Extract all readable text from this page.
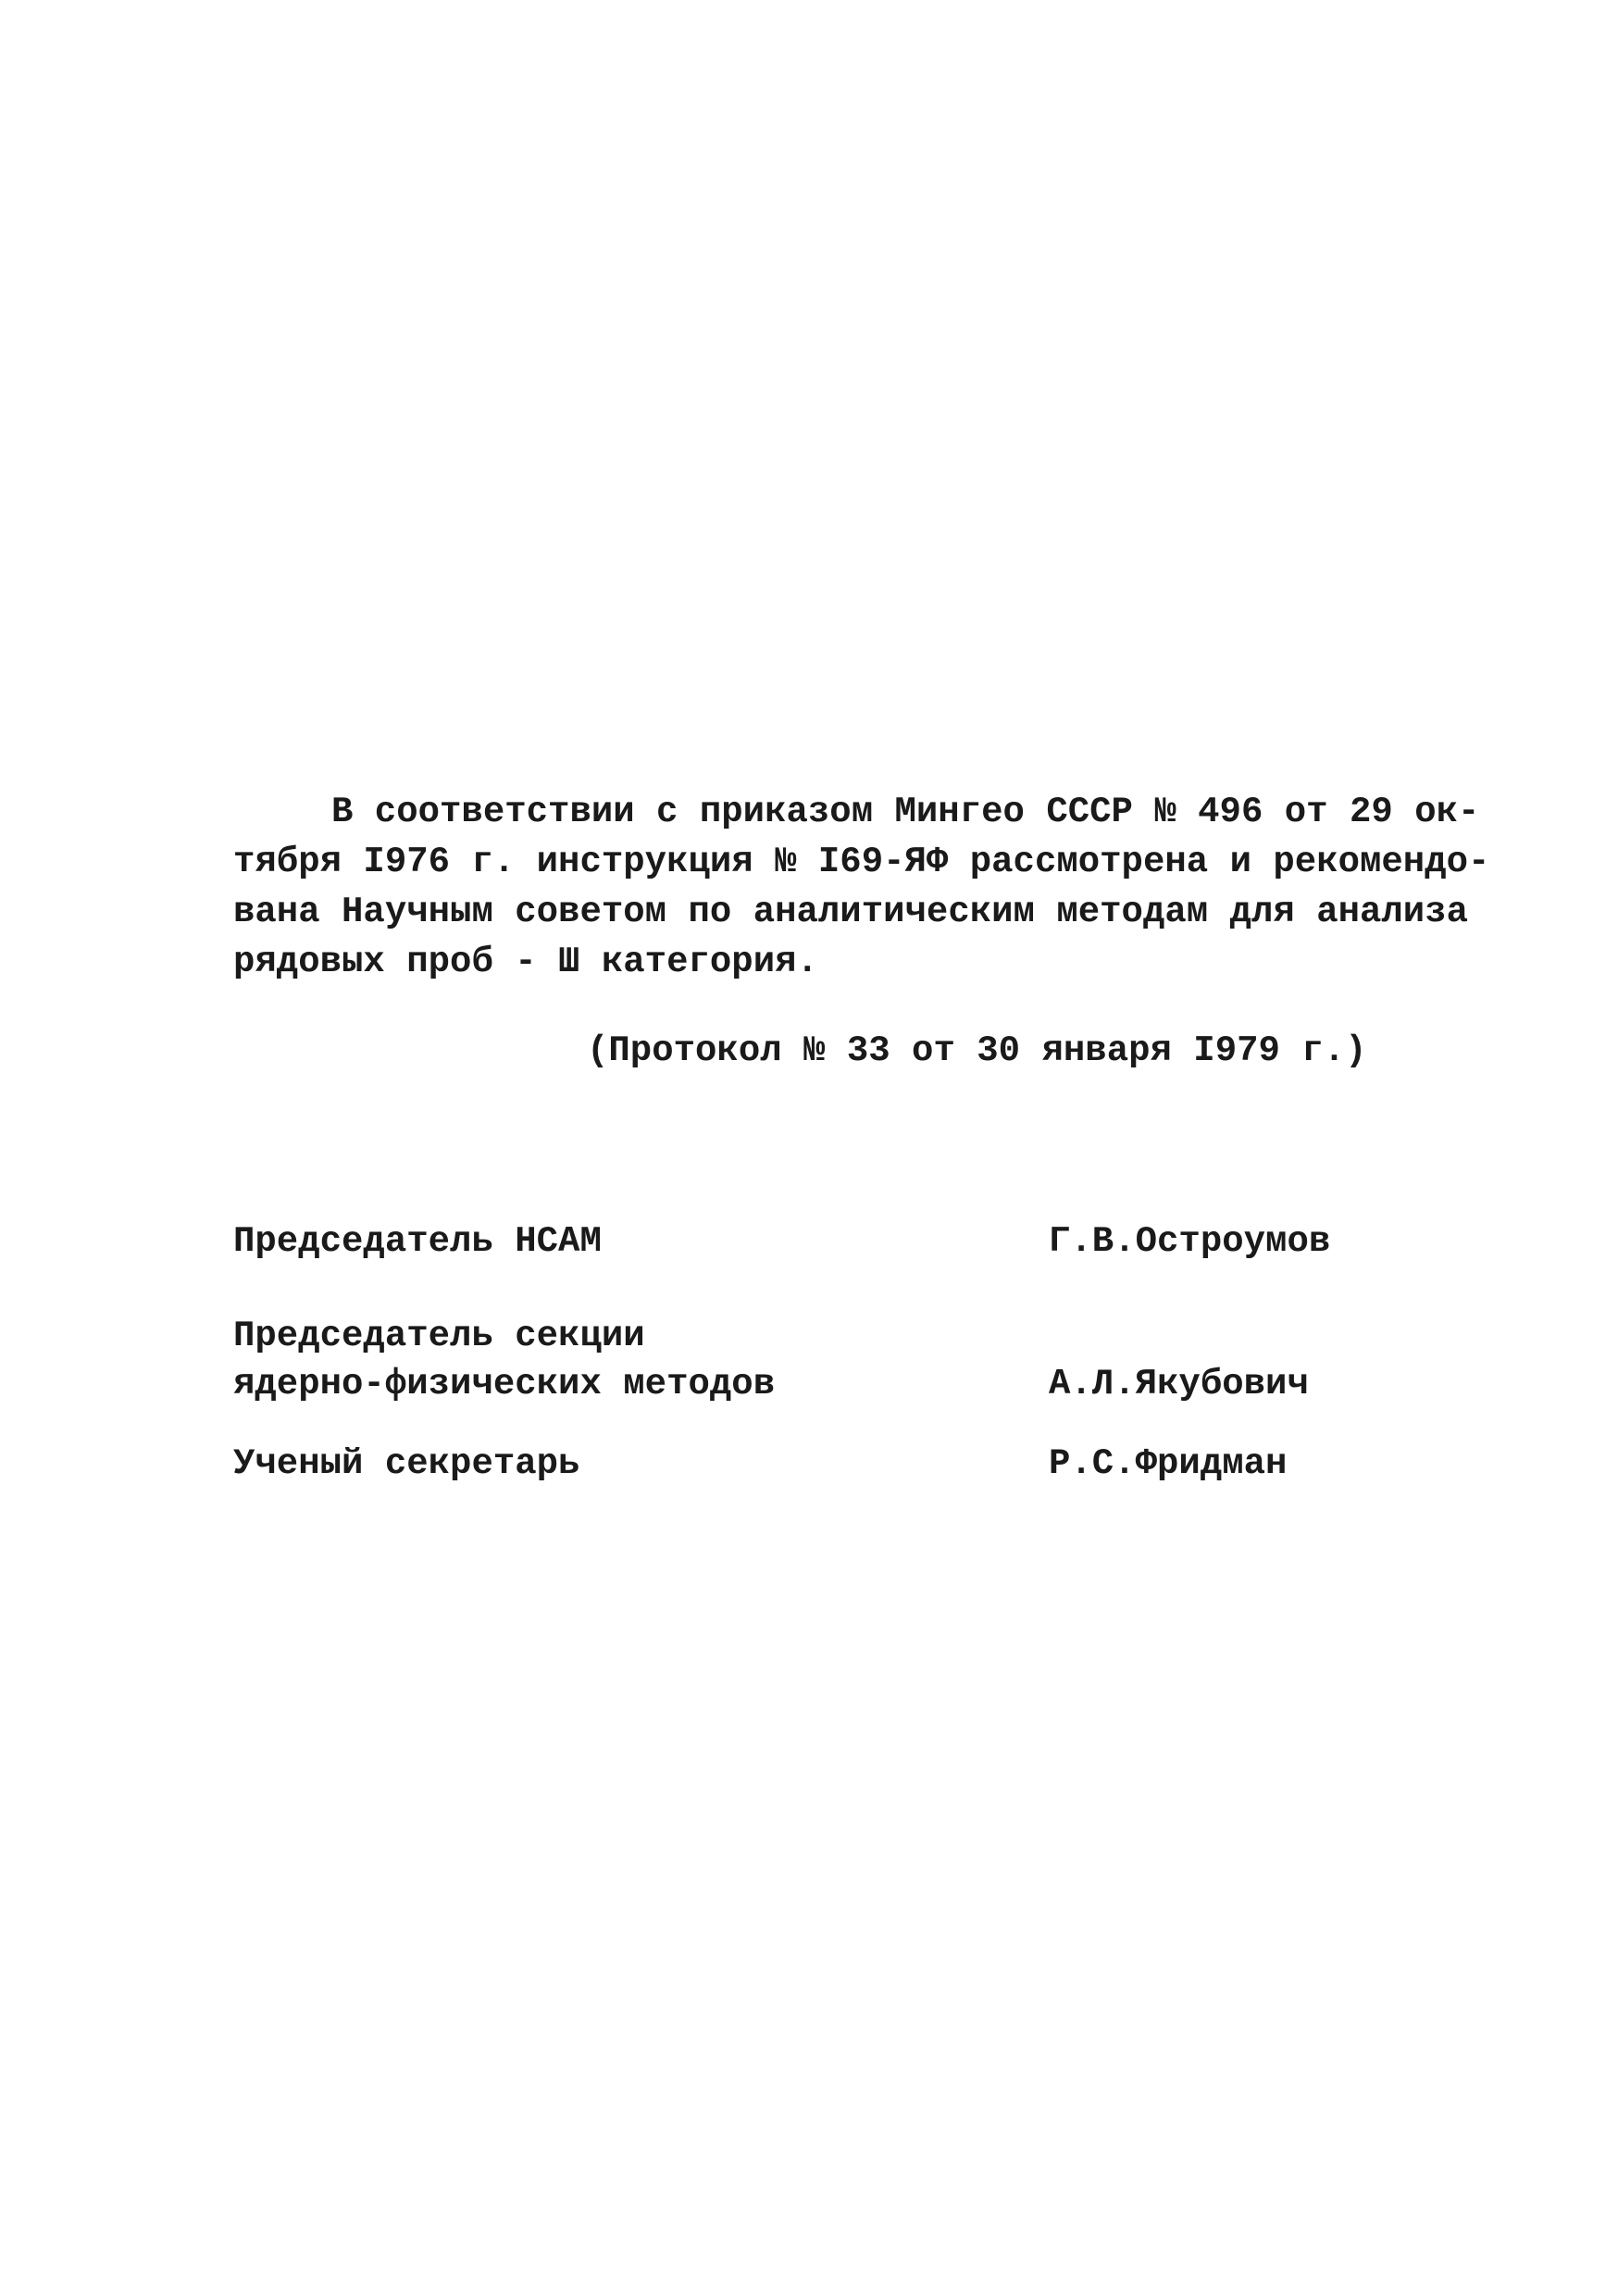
В соответствии с приказом Мингео СССР № 496 от 29 ок-
тября I976 г. инструкция № I69-ЯФ рассмотрена и рекомендо-
вана Научным советом по аналитическим методам для анализа
рядовых проб - Ш категория.
(Протокол № 33 от 30 января I979 г.)
Председатель НСАМ	Г.В.Остроумов
Председатель секции
ядерно-физических методов	А.Л.Якубович
Ученый секретарь	Р.С.Фридман
